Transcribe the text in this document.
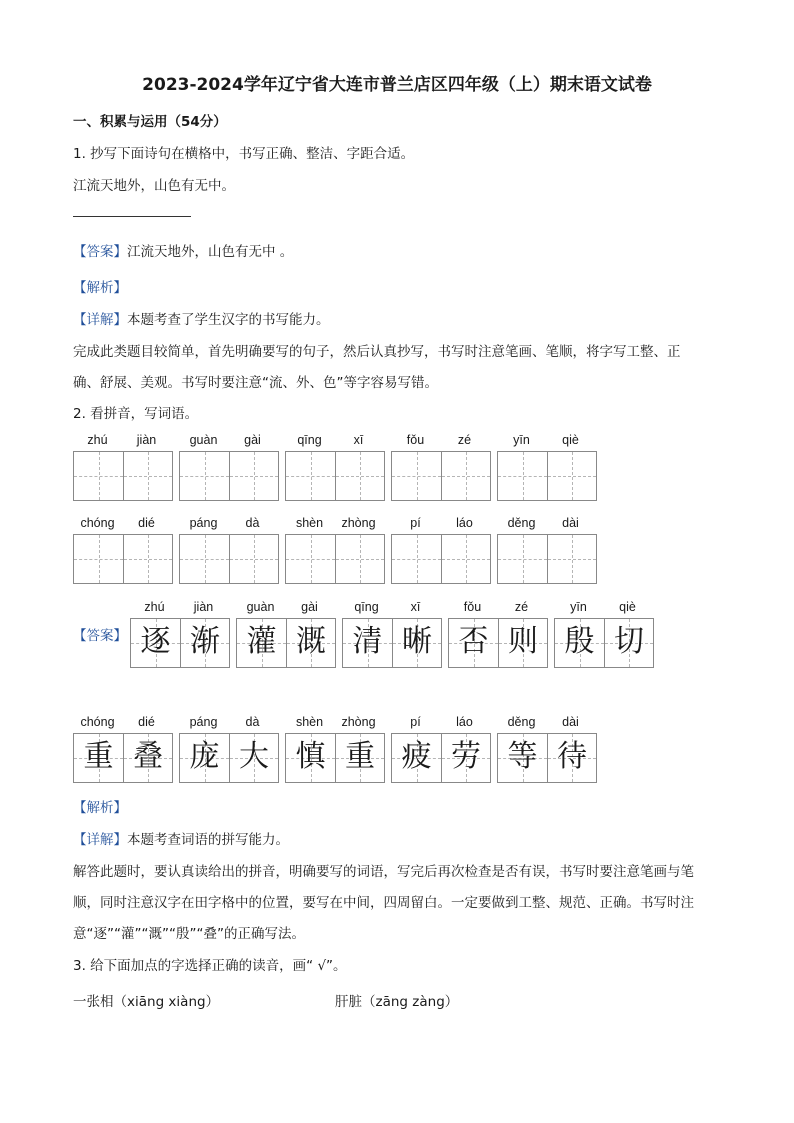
2023-2024学年辽宁省大连市普兰店区四年级（上）期末语文试卷
一、积累与运用（54分）
1. 抄写下面诗句在横格中，书写正确、整洁、字距合适。
江流天地外，山色有无中。
【答案】江流天地外，山色有无中 。
【解析】
【详解】本题考查了学生汉字的书写能力。
完成此类题目较简单，首先明确要写的句子，然后认真抄写，书写时注意笔画、笔顺，将字写工整、正
确、舒展、美观。书写时要注意“流、外、色”等字容易写错。
2. 看拼音，写词语。
zhú	jiàn	guàn	gài	qīng	xī	fǒu	zé	yīn	qiè
chóng	dié	páng	dà	shèn	zhòng	pí	láo	děng	dài
zhú	jiàn
逐 渐
guàn	gài
灌 溉
qīng	xī
清 晰
fǒu	zé
否 则
yīn	qiè
殷 切
chóng	dié
重 叠
páng	dà
庞 大
shèn	zhòng
慎 重
pí	láo
疲 劳
děng	dài
等 待
【答案】
【解析】
【详解】本题考查词语的拼写能力。
解答此题时，要认真读给出的拼音，明确要写的词语，写完后再次检查是否有误，书写时要注意笔画与笔
顺，同时注意汉字在田字格中的位置，要写在中间，四周留白。一定要做到工整、规范、正确。书写时注
意“逐”“灌”“溉”“殷”“叠”的正确写法。
3. 给下面加点的字选择正确的读音，画“ √”。
一张相（xiāng xiàng）	肝脏（zāng zàng）
